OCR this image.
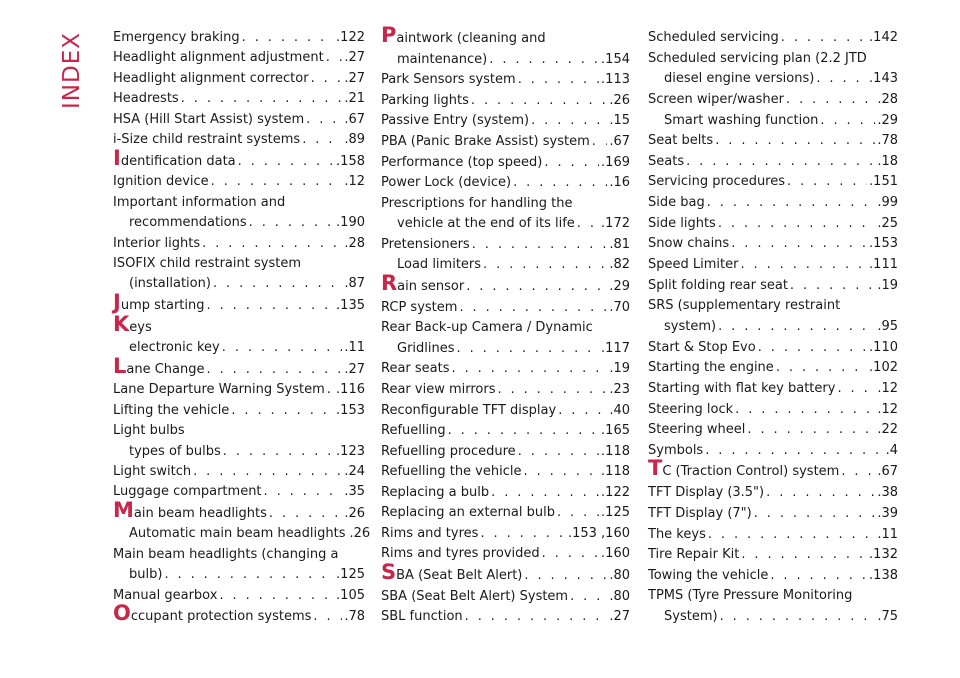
INDEX	Emergency braking . . .	.122
Headlight alignment adjustment . . . .27
Headlight alignment corrector . . .	.27
Headrests . . .	.21
HSA (Hill Start Assist) system . . .	.67
i-Size child restraint systems . . .	.89
Identification data . . .	.158
Ignition device . . .	.12
Important information and
recommendations . . .	.190
Interior lights . . .	.28
ISOFIX child restraint system
(installation) . . .	.87
Jump starting . . .	.135
Keys
electronic key . . .	.11
Lane Change . . .	.27
Lane Departure Warning System . . . .116
Lifting the vehicle . . .	.153
Light bulbs
types of bulbs . . .	.123
Light switch . . .	.24
Luggage compartment . . .	.35
Main beam headlights . . .	.26
Automatic main beam headlights .26
Main beam headlights (changing a
bulb) . . .	.125
Manual gearbox . . .	.105
Occupant protection systems . . .	.78
Paintwork (cleaning and
maintenance) . . .	.154
Park Sensors system . . .	.113
Parking lights . . .	.26
Passive Entry (system) . . .	.15
PBA (Panic Brake Assist) system . . . .67
Performance (top speed) . . .	.169
Power Lock (device) . . .	.16
Prescriptions for handling the
vehicle at the end of its life . . . .172
Pretensioners . . .	.81
Load limiters . . .	.82
Rain sensor . . .	.29
RCP system . . .	.70
Rear Back-up Camera / Dynamic
Gridlines . . .	.117
Rear seats . . .	.19
Rear view mirrors . . .	.23
Reconfigurable TFT display . . .	.40
Refuelling . . .	.165
Refuelling procedure . . .	.118
Refuelling the vehicle . . .	.118
Replacing a bulb . . .	.122
Replacing an external bulb . . .	.125
Rims and tyres . . .	.153 ,160
Rims and tyres provided . . .	.160
SBA (Seat Belt Alert) . . .	.80
SBA (Seat Belt Alert) System . . .	.80
SBL function . . .	.27
Scheduled servicing . . .	.142
Scheduled servicing plan (2.2 JTD
diesel engine versions) . . .	.143
Screen wiper/washer . . .	.28
Smart washing function . . .	.29
Seat belts . . .	.78
Seats . . .	.18
Servicing procedures . . .	.151
Side bag . . .	.99
Side lights . . .	.25
Snow chains . . .	.153
Speed Limiter . . .	.111
Split folding rear seat . . .	.19
SRS (supplementary restraint
system) . . .	.95
Start & Stop Evo . . .	.110
Starting the engine . . .	.102
Starting with flat key battery . . .	.12
Steering lock . . .	.12
Steering wheel . . .	.22
Symbols . . .	.4
TC (Traction Control) system . . .	.67
TFT Display (3.5") . . .	.38
TFT Display (7") . . .	.39
The keys . . .	.11
Tire Repair Kit . . .	.132
Towing the vehicle . . .	.138
TPMS (Tyre Pressure Monitoring
System) . . .	.75
